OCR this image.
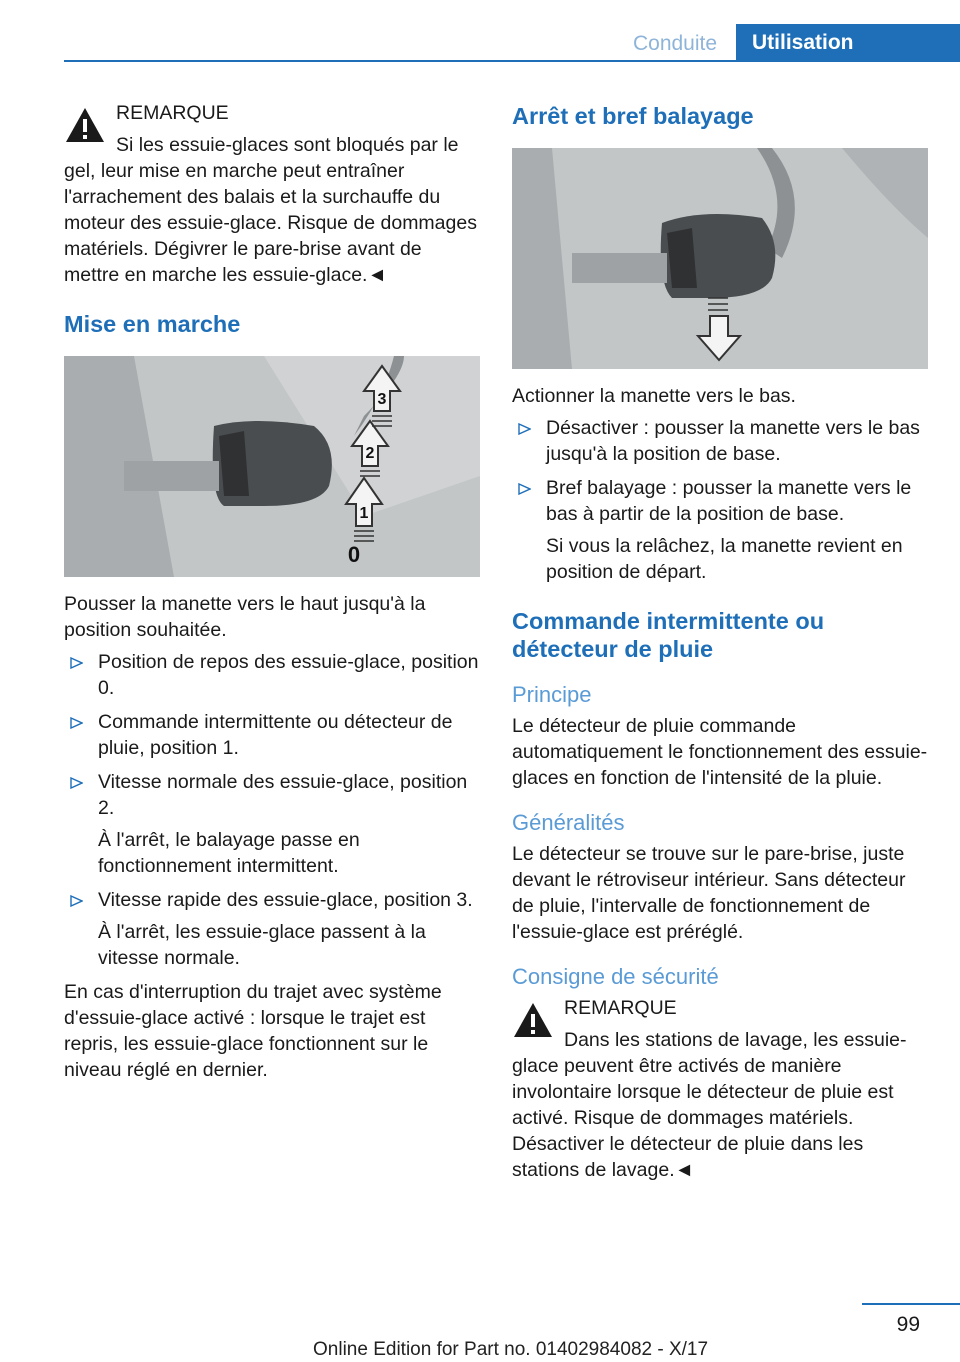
Conduite	Utilisation

REMARQUE

Si les essuie-glaces sont bloqués par le gel, leur mise en marche peut entraîner l'arrachement des balais et la surchauffe du moteur des essuie-glace. Risque de dommages matériels. Dégivrer le pare-brise avant de mettre en marche les essuie-glace.◄

Mise en marche
3
2
1
0

Pousser la manette vers le haut jusqu'à la position souhaitée.

Position de repos des essuie-glace, position 0.
Commande intermittente ou détecteur de pluie, position 1.
Vitesse normale des essuie-glace, position 2.

À l'arrêt, le balayage passe en fonctionnement intermittent.

Vitesse rapide des essuie-glace, position 3.

À l'arrêt, les essuie-glace passent à la vitesse normale.

En cas d'interruption du trajet avec système d'essuie-glace activé : lorsque le trajet est repris, les essuie-glace fonctionnent sur le niveau réglé en dernier.

Arrêt et bref balayage

Actionner la manette vers le bas.

Désactiver : pousser la manette vers le bas jusqu'à la position de base.
Bref balayage : pousser la manette vers le bas à partir de la position de base.

Si vous la relâchez, la manette revient en position de départ.

Commande intermittente ou détecteur de pluie
Principe

Le détecteur de pluie commande automatiquement le fonctionnement des essuie-glaces en fonction de l'intensité de la pluie.

Généralités

Le détecteur se trouve sur le pare-brise, juste devant le rétroviseur intérieur. Sans détecteur de pluie, l'intervalle de fonctionnement de l'essuie-glace est préréglé.

Consigne de sécurité

REMARQUE

Dans les stations de lavage, les essuie-glace peuvent être activés de manière involontaire lorsque le détecteur de pluie est activé. Risque de dommages matériels. Désactiver le détecteur de pluie dans les stations de lavage.◄

99
Online Edition for Part no. 01402984082 - X/17
